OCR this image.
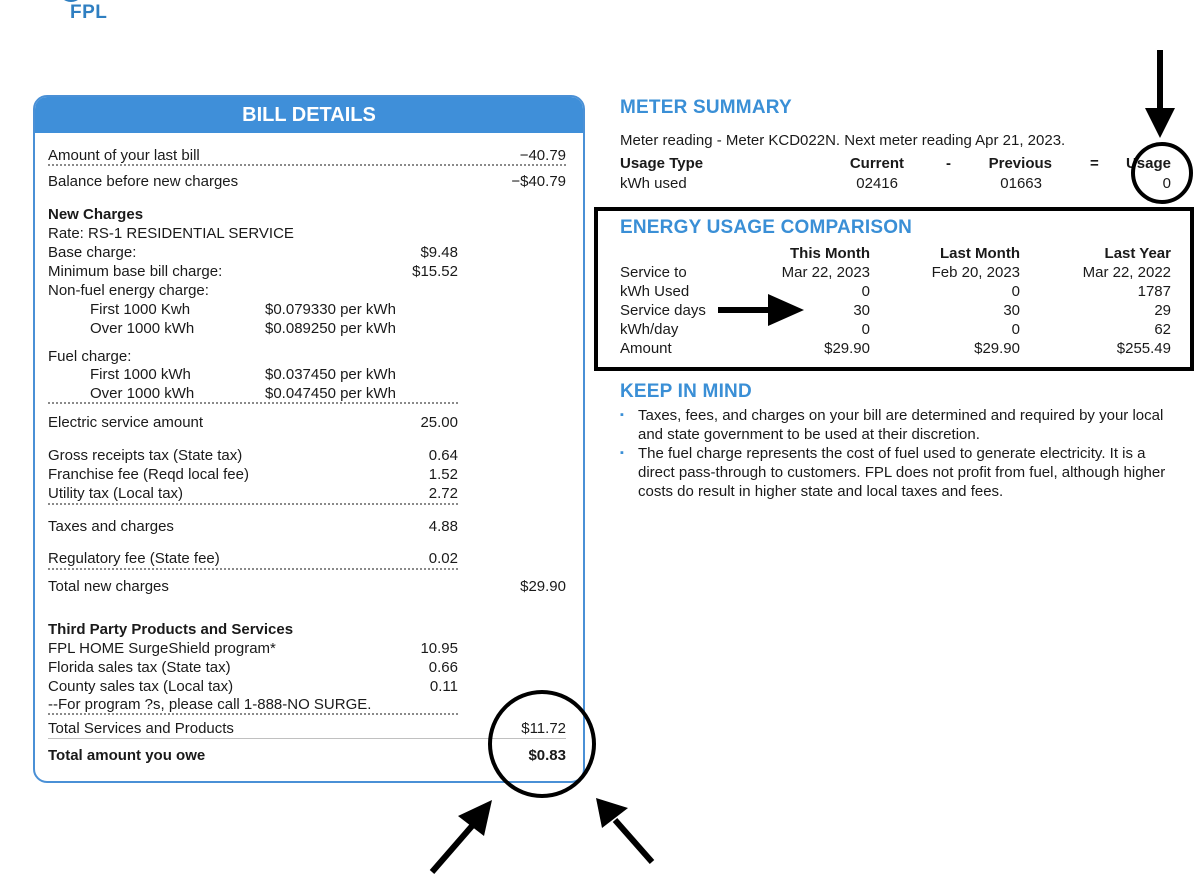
FPL
BILL DETAILS
Amount of your last bill	−40.79
Balance before new charges	−$40.79
New Charges
Rate: RS-1 RESIDENTIAL SERVICE
Base charge:	$9.48
Minimum base bill charge:	$15.52
Non-fuel energy charge:
First 1000 Kwh	$0.079330 per kWh
Over 1000 kWh	$0.089250 per kWh
Fuel charge:
First 1000 kWh	$0.037450 per kWh
Over 1000 kWh	$0.047450 per kWh
Electric service amount	25.00
Gross receipts tax (State tax)	0.64
Franchise fee (Reqd local fee)	1.52
Utility tax (Local tax)	2.72
Taxes and charges	4.88
Regulatory fee (State fee)	0.02
Total new charges	$29.90
Third Party Products and Services
FPL HOME SurgeShield program*	10.95
Florida sales tax (State tax)	0.66
County sales tax (Local tax)	0.11
--For program ?s, please call 1-888-NO SURGE.
Total Services and Products	$11.72
Total amount you owe	$0.83
METER SUMMARY
Meter reading - Meter KCD022N. Next meter reading Apr 21, 2023.
Usage Type	Current	-	Previous	=	Usage
kWh used	02416	01663	0
ENERGY USAGE COMPARISON
This Month	Last Month	Last Year
Service to	Mar 22, 2023	Feb 20, 2023	Mar 22, 2022
kWh Used	0	0	1787
Service days	30	30	29
kWh/day	0	0	62
Amount	$29.90	$29.90	$255.49
KEEP IN MIND
▪ Taxes, fees, and charges on your bill are determined and required by your local and state government to be used at their discretion.
▪ The fuel charge represents the cost of fuel used to generate electricity. It is a direct pass-through to customers. FPL does not profit from fuel, although higher costs do result in higher state and local taxes and fees.
